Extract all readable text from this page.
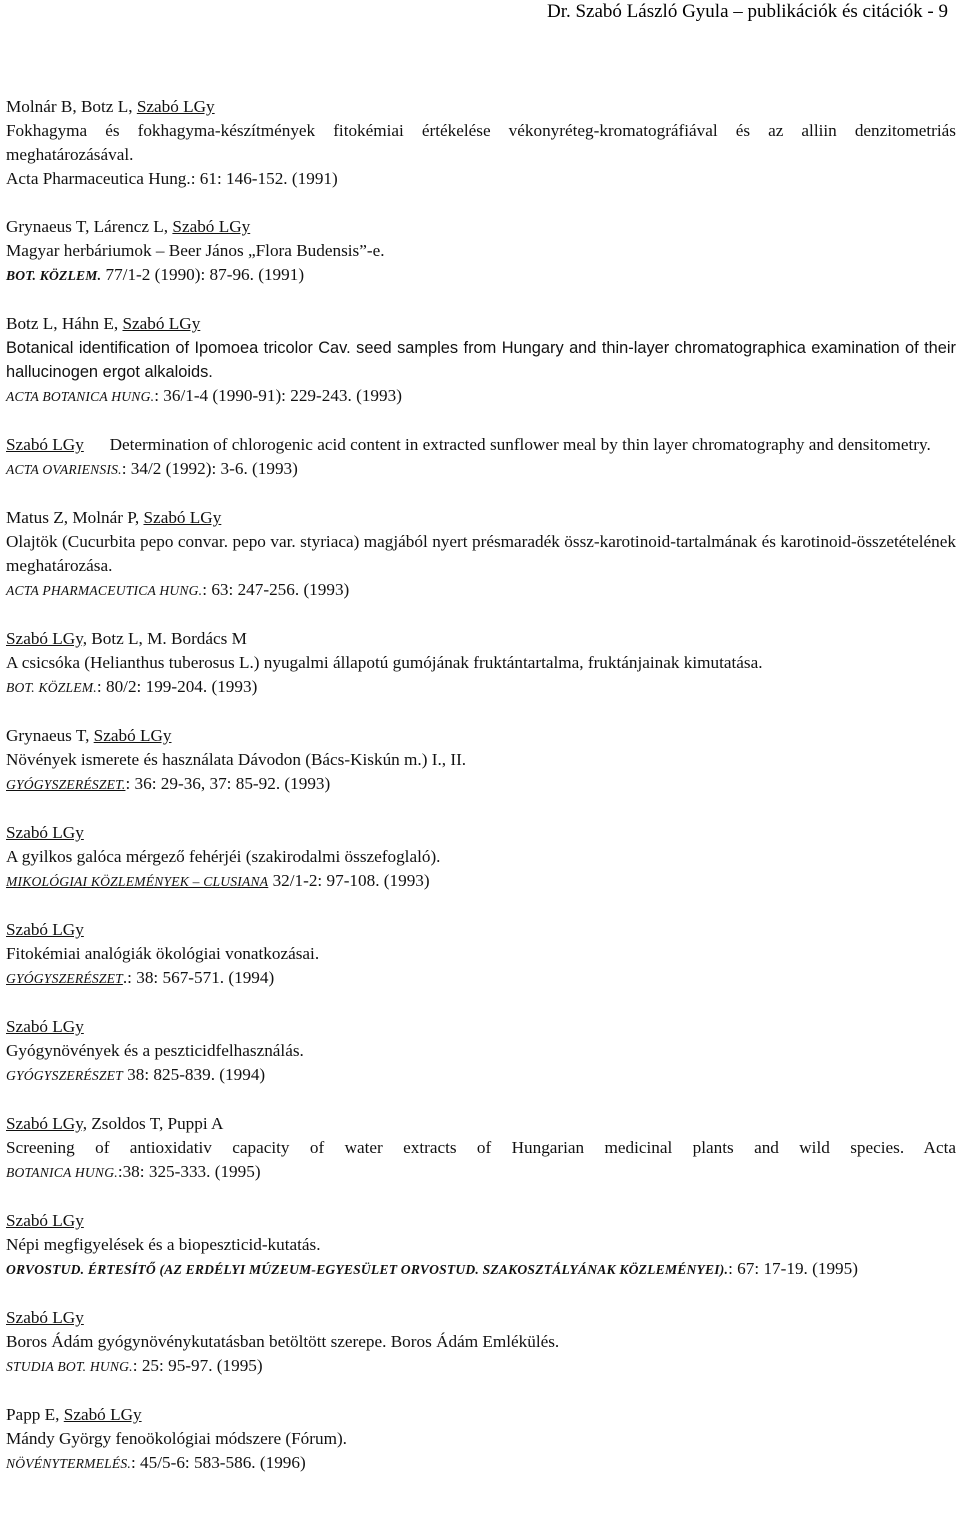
Dr. Szabó László Gyula – publikációk és citációk - 9
Molnár B, Botz L, Szabó LGy
Fokhagyma és fokhagyma-készítmények fitokémiai értékelése vékonyréteg-kromatográfiával és az alliin denzitometriás meghatározásával.
Acta Pharmaceutica Hung.: 61: 146-152. (1991)
Grynaeus T, Lárencz L, Szabó LGy
Magyar herbáriumok – Beer János „Flora Budensis”-e.
BOT. KÖZLEM. 77/1-2 (1990): 87-96. (1991)
Botz L, Háhn E, Szabó LGy
Botanical identification of Ipomoea tricolor Cav. seed samples from Hungary and thin-layer chromatographica examination of their hallucinogen ergot alkaloids.
ACTA BOTANICA HUNG.: 36/1-4 (1990-91): 229-243. (1993)
Szabó LGy Determination of chlorogenic acid content in extracted sunflower meal by thin layer chromatography and densitometry.
ACTA OVARIENSIS.: 34/2 (1992): 3-6. (1993)
Matus Z, Molnár P, Szabó LGy
Olajtök (Cucurbita pepo convar. pepo var. styriaca) magjából nyert présmaradék össz-karotinoid-tartalmának és karotinoid-összetételének meghatározása.
ACTA PHARMACEUTICA HUNG.: 63: 247-256. (1993)
Szabó LGy, Botz L, M. Bordács M
A csicsóka (Helianthus tuberosus L.) nyugalmi állapotú gumójának fruktántartalma, fruktánjainak kimutatása.
BOT. KÖZLEM.: 80/2: 199-204. (1993)
Grynaeus T, Szabó LGy
Növények ismerete és használata Dávodon (Bács-Kiskún m.) I., II.
GYÓGYSZERÉSZET.: 36: 29-36, 37: 85-92. (1993)
Szabó LGy
A gyilkos galóca mérgező fehérjéi (szakirodalmi összefoglaló).
MIKOLÓGIAI KÖZLEMÉNYEK – CLUSIANA 32/1-2: 97-108. (1993)
Szabó LGy
Fitokémiai analógiák ökológiai vonatkozásai.
GYÓGYSZERÉSZET.: 38: 567-571. (1994)
Szabó LGy
Gyógynövények és a peszticidfelhasználás.
GYÓGYSZERÉSZET 38: 825-839. (1994)
Szabó LGy, Zsoldos T, Puppi A
Screening of antioxidativ capacity of water extracts of Hungarian medicinal plants and wild species. Acta
BOTANICA HUNG.:38: 325-333. (1995)
Szabó LGy
Népi megfigyelések és a biopeszticid-kutatás.
ORVOSTUD. ÉRTESÍTŐ (AZ ERDÉLYI MÚZEUM-EGYESÜLET ORVOSTUD. SZAKOSZTÁLYÁNAK KÖZLEMÉNYEI).: 67: 17-19. (1995)
Szabó LGy
Boros Ádám gyógynövénykutatásban betöltött szerepe. Boros Ádám Emlékülés.
STUDIA BOT. HUNG.: 25: 95-97. (1995)
Papp E, Szabó LGy
Mándy György fenoökológiai módszere (Fórum).
NÖVÉNYTERMELÉS.: 45/5-6: 583-586. (1996)
